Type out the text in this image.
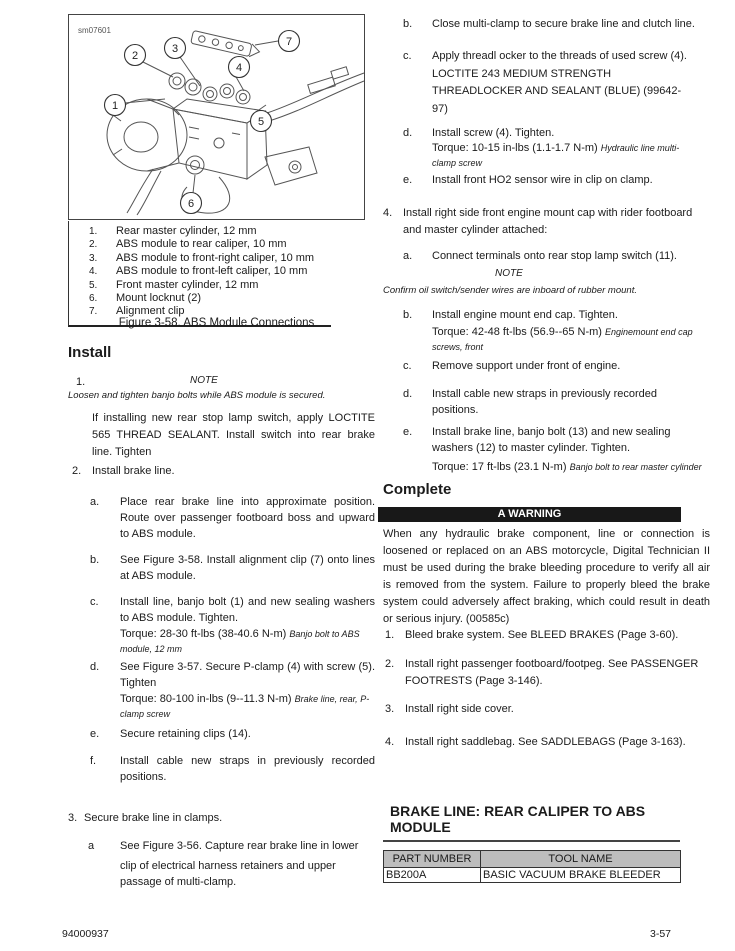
sm07601
1
2
3
4
5
6
7
1. Rear master cylinder, 12 mm
2. ABS module to rear caliper, 10 mm
3. ABS module to front-right caliper, 10 mm
4. ABS module to front-left caliper, 10 mm
5. Front master cylinder, 12 mm
6. Mount locknut (2)
7. Alignment clip
Figure 3-58. ABS Module Connections
Install
1.	NOTE
Loosen and tighten banjo bolts while ABS module is secured.
If installing new rear stop lamp switch, apply LOCTITE 565 THREAD SEALANT. Install switch into rear brake line. Tighten
2. Install brake line.
a. Place rear brake line into approximate position. Route over passenger footboard boss and upward to ABS module.
b. See Figure 3-58. Install alignment clip (7) onto lines at ABS module.
c. Install line, banjo bolt (1) and new sealing washers to ABS module. Tighten.
Torque: 28-30 ft-lbs (38-40.6 N-m) Banjo bolt to ABS module, 12 mm
d. See Figure 3-57. Secure P-clamp (4) with screw (5). Tighten
Torque: 80-100 in-lbs (9--11.3 N-m) Brake line, rear, P-clamp screw
e. Secure retaining clips (14).
f. Install cable new straps in previously recorded positions.
3. Secure brake line in clamps.
a See Figure 3-56. Capture rear brake line in lower
clip of electrical harness retainers and upper passage of multi-clamp.
b. Close multi-clamp to secure brake line and clutch line.
c. Apply threadl ocker to the threads of used screw (4).
LOCTITE 243 MEDIUM STRENGTH
THREADLOCKER AND SEALANT (BLUE) (99642-
97)
d. Install screw (4). Tighten.
Torque: 10-15 in-lbs (1.1-1.7 N-m) Hydraulic line multi-clamp screw
e. Install front HO2 sensor wire in clip on clamp.
4. Install right side front engine mount cap with rider footboard and master cylinder attached:
a. Connect terminals onto rear stop lamp switch (11).
NOTE
Confirm oil switch/sender wires are inboard of rubber mount.
b. Install engine mount end cap. Tighten.
Torque: 42-48 ft-lbs (56.9--65 N-m) Enginemount end cap screws, front
c. Remove support under front of engine.
d. Install cable new straps in previously recorded positions.
e. Install brake line, banjo bolt (13) and new sealing washers (12) to master cylinder. Tighten.
Torque: 17 ft-lbs (23.1 N-m) Banjo bolt to rear master cylinder
Complete
A WARNING
When any hydraulic brake component, line or connection is loosened or replaced on an ABS motorcycle, Digital Technician II must be used during the brake bleeding procedure to verify all air is removed from the system. Failure to properly bleed the brake system could adversely affect braking, which could result in death or serious injury. (00585c)
1. Bleed brake system. See BLEED BRAKES (Page 3-60).
2. Install right passenger footboard/footpeg. See PASSENGER FOOTRESTS (Page 3-146).
3. Install right side cover.
4. Install right saddlebag. See SADDLEBAGS (Page 3-163).
BRAKE LINE: REAR CALIPER TO ABS MODULE
PART NUMBER	TOOL NAME
BB200A	BASIC VACUUM BRAKE BLEEDER
94000937	3-57
